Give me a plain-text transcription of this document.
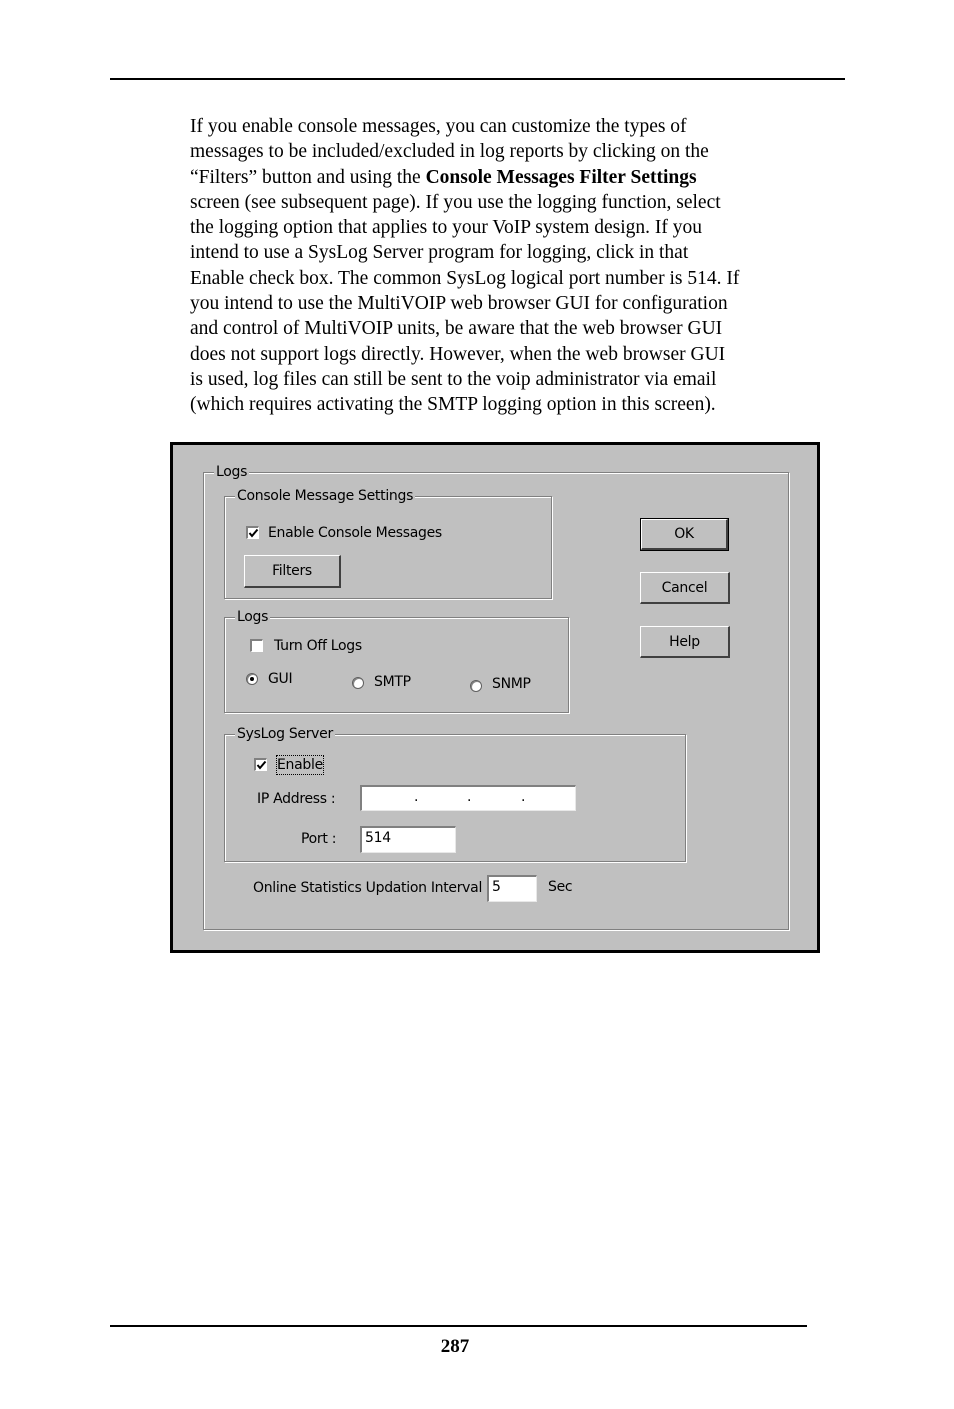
If you enable console messages, you can customize the types of
messages to be included/excluded in log reports by clicking on the
“Filters” button and using the Console Messages Filter Settings
screen (see subsequent page). If you use the logging function, select
the logging option that applies to your VoIP system design. If you
intend to use a SysLog Server program for logging, click in that
Enable check box. The common SysLog logical port number is 514. If
you intend to use the MultiVOIP web browser GUI for configuration
and control of MultiVOIP units, be aware that the web browser GUI
does not support logs directly. However, when the web browser GUI
is used, log files can still be sent to the voip administrator via email
(which requires activating the SMTP logging option in this screen).
Logs
Console Message Settings
Enable Console Messages
Filters
Logs
Turn Off Logs
GUI	SMTP	SNMP
SysLog Server
Enable
IP Address :	.	.	.
Port :	514
Online Statistics Updation Interval 5	Sec
OK
Cancel
Help
287
